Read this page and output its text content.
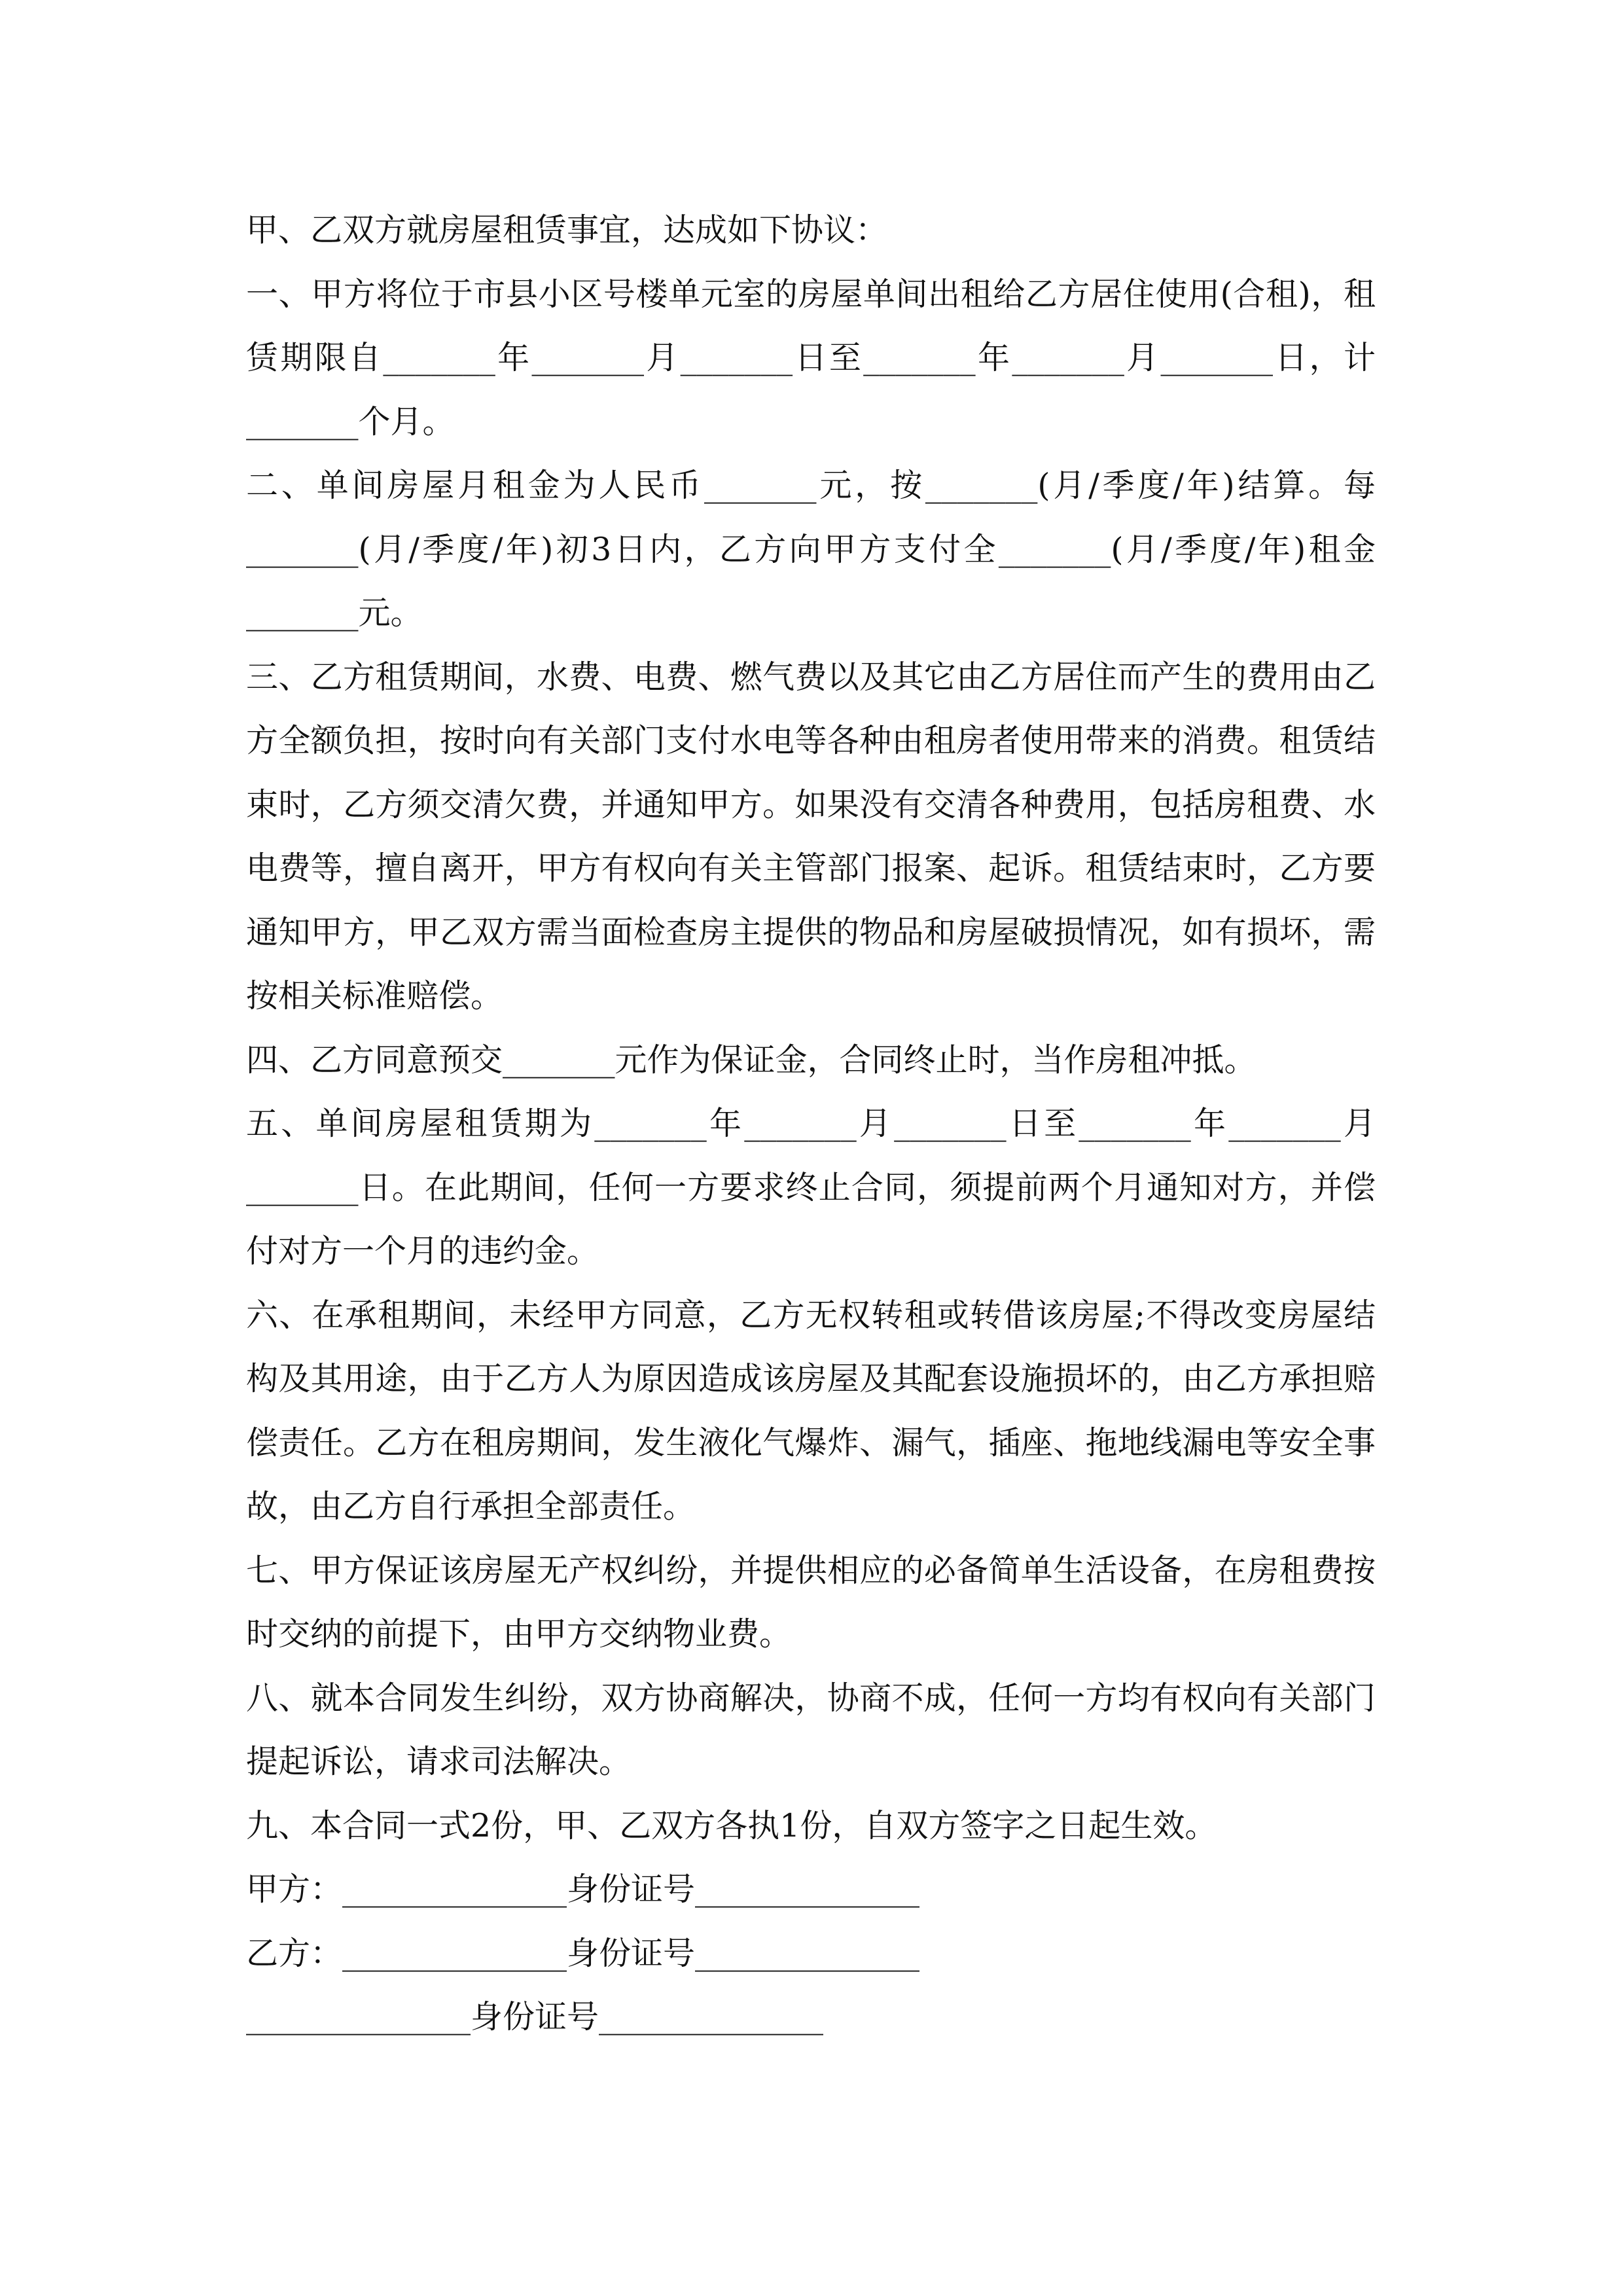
甲、乙双方就房屋租赁事宜，达成如下协议：
一、甲方将位于市县小区号楼单元室的房屋单间出租给乙方居住使用(合租)，租
赁期限自_______年_______月_______日至_______年_______月_______日，计
_______个月。
二、单间房屋月租金为人民币_______元，按_______(月/季度/年)结算。每
_______(月/季度/年)初3日内，乙方向甲方支付全_______(月/季度/年)租金
_______元。
三、乙方租赁期间，水费、电费、燃气费以及其它由乙方居住而产生的费用由乙
方全额负担，按时向有关部门支付水电等各种由租房者使用带来的消费。租赁结
束时，乙方须交清欠费，并通知甲方。如果没有交清各种费用，包括房租费、水
电费等，擅自离开，甲方有权向有关主管部门报案、起诉。租赁结束时，乙方要
通知甲方，甲乙双方需当面检查房主提供的物品和房屋破损情况，如有损坏，需
按相关标准赔偿。
四、乙方同意预交_______元作为保证金，合同终止时，当作房租冲抵。
五、单间房屋租赁期为_______年_______月_______日至_______年_______月
_______日。在此期间，任何一方要求终止合同，须提前两个月通知对方，并偿
付对方一个月的违约金。
六、在承租期间，未经甲方同意，乙方无权转租或转借该房屋;不得改变房屋结
构及其用途，由于乙方人为原因造成该房屋及其配套设施损坏的，由乙方承担赔
偿责任。乙方在租房期间，发生液化气爆炸、漏气，插座、拖地线漏电等安全事
故，由乙方自行承担全部责任。
七、甲方保证该房屋无产权纠纷，并提供相应的必备简单生活设备，在房租费按
时交纳的前提下，由甲方交纳物业费。
八、就本合同发生纠纷，双方协商解决，协商不成，任何一方均有权向有关部门
提起诉讼，请求司法解决。
九、本合同一式2份，甲、乙双方各执1份，自双方签字之日起生效。
甲方：______________身份证号______________
乙方：______________身份证号______________
______________身份证号______________
